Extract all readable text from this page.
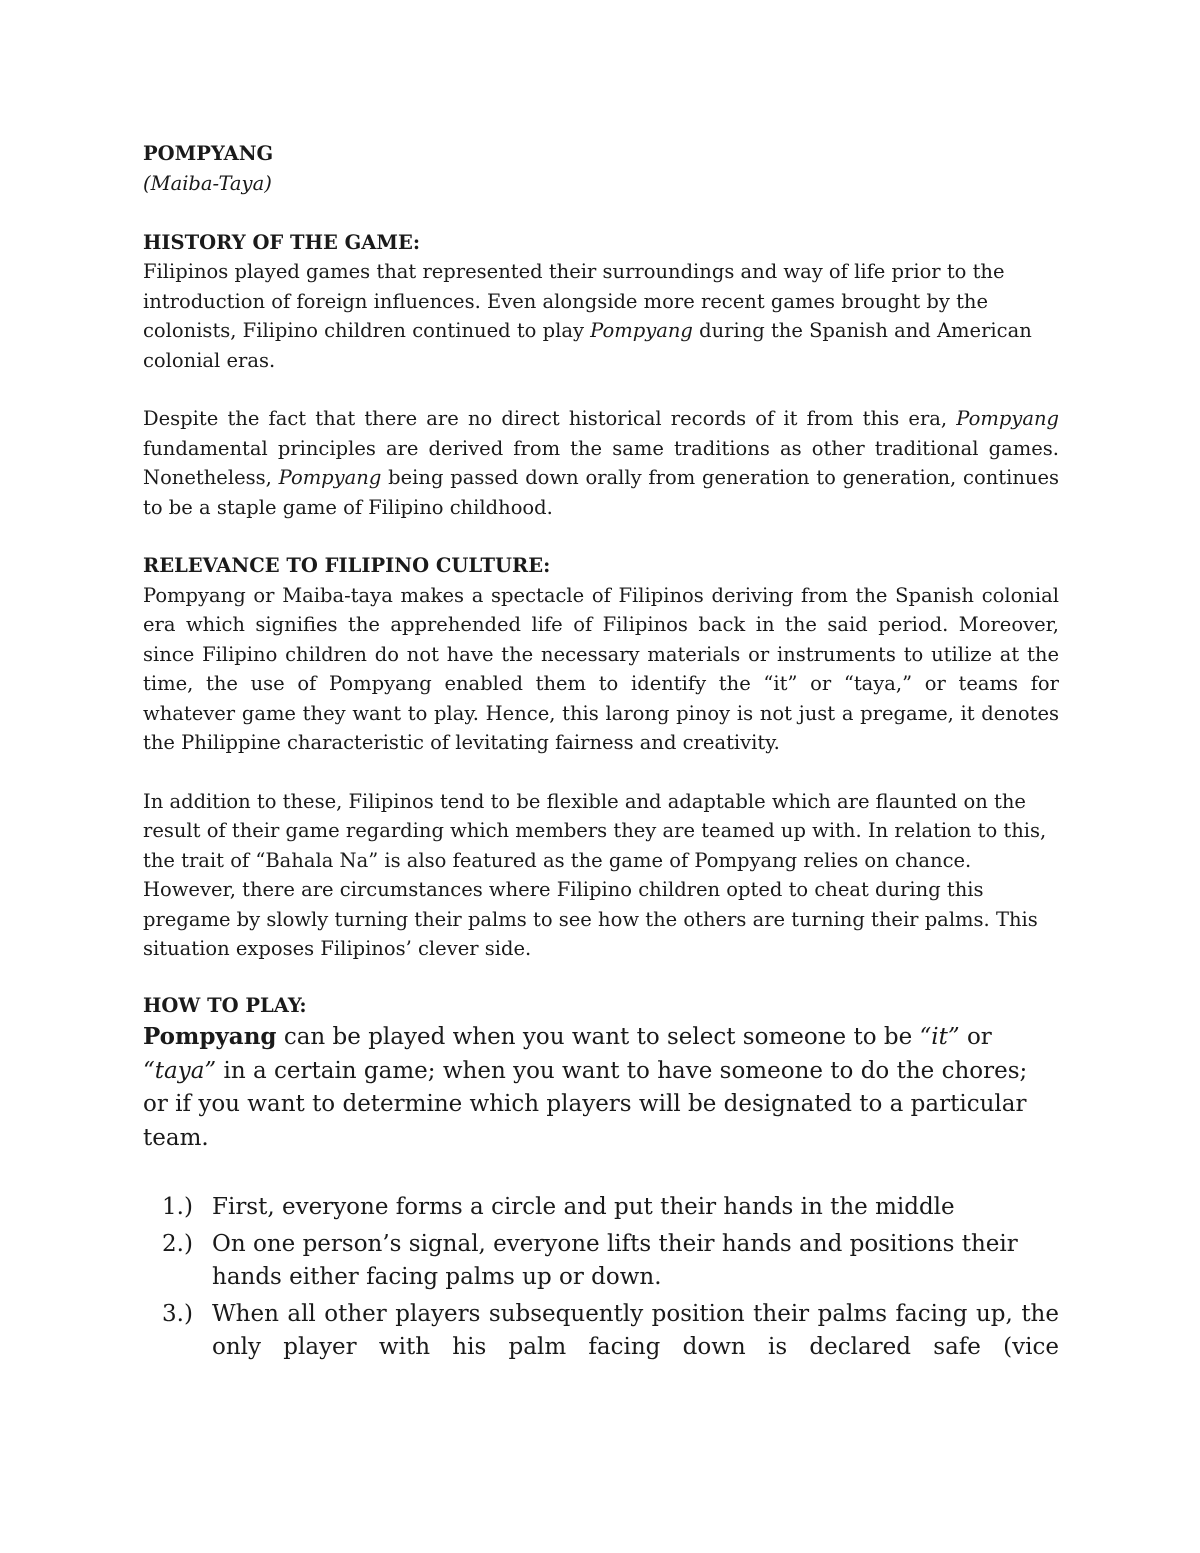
POMPYANG
(Maiba-Taya)
HISTORY OF THE GAME:

Filipinos played games that represented their surroundings and way of life prior to the introduction of foreign influences. Even alongside more recent games brought by the colonists, Filipino children continued to play Pompyang during the Spanish and American colonial eras.

Despite the fact that there are no direct historical records of it from this era, Pompyang fundamental principles are derived from the same traditions as other traditional games. Nonetheless, Pompyang being passed down orally from generation to generation, continues to be a staple game of Filipino childhood.

RELEVANCE TO FILIPINO CULTURE:

Pompyang or Maiba-taya makes a spectacle of Filipinos deriving from the Spanish colonial era which signifies the apprehended life of Filipinos back in the said period. Moreover, since Filipino children do not have the necessary materials or instruments to utilize at the time, the use of Pompyang enabled them to identify the “it” or “taya,” or teams for whatever game they want to play. Hence, this larong pinoy is not just a pregame, it denotes the Philippine characteristic of levitating fairness and creativity.

In addition to these, Filipinos tend to be flexible and adaptable which are flaunted on the result of their game regarding which members they are teamed up with. In relation to this, the trait of “Bahala Na” is also featured as the game of Pompyang relies on chance. However, there are circumstances where Filipino children opted to cheat during this pregame by slowly turning their palms to see how the others are turning their palms. This situation exposes Filipinos’ clever side.

HOW TO PLAY:

Pompyang can be played when you want to select someone to be “it” or “taya” in a certain game; when you want to have someone to do the chores; or if you want to determine which players will be designated to a particular team.

1.) First, everyone forms a circle and put their hands in the middle
2.) On one person’s signal, everyone lifts their hands and positions their hands either facing palms up or down.
3.) When all other players subsequently position their palms facing up, the only player with his palm facing down is declared safe (vice
